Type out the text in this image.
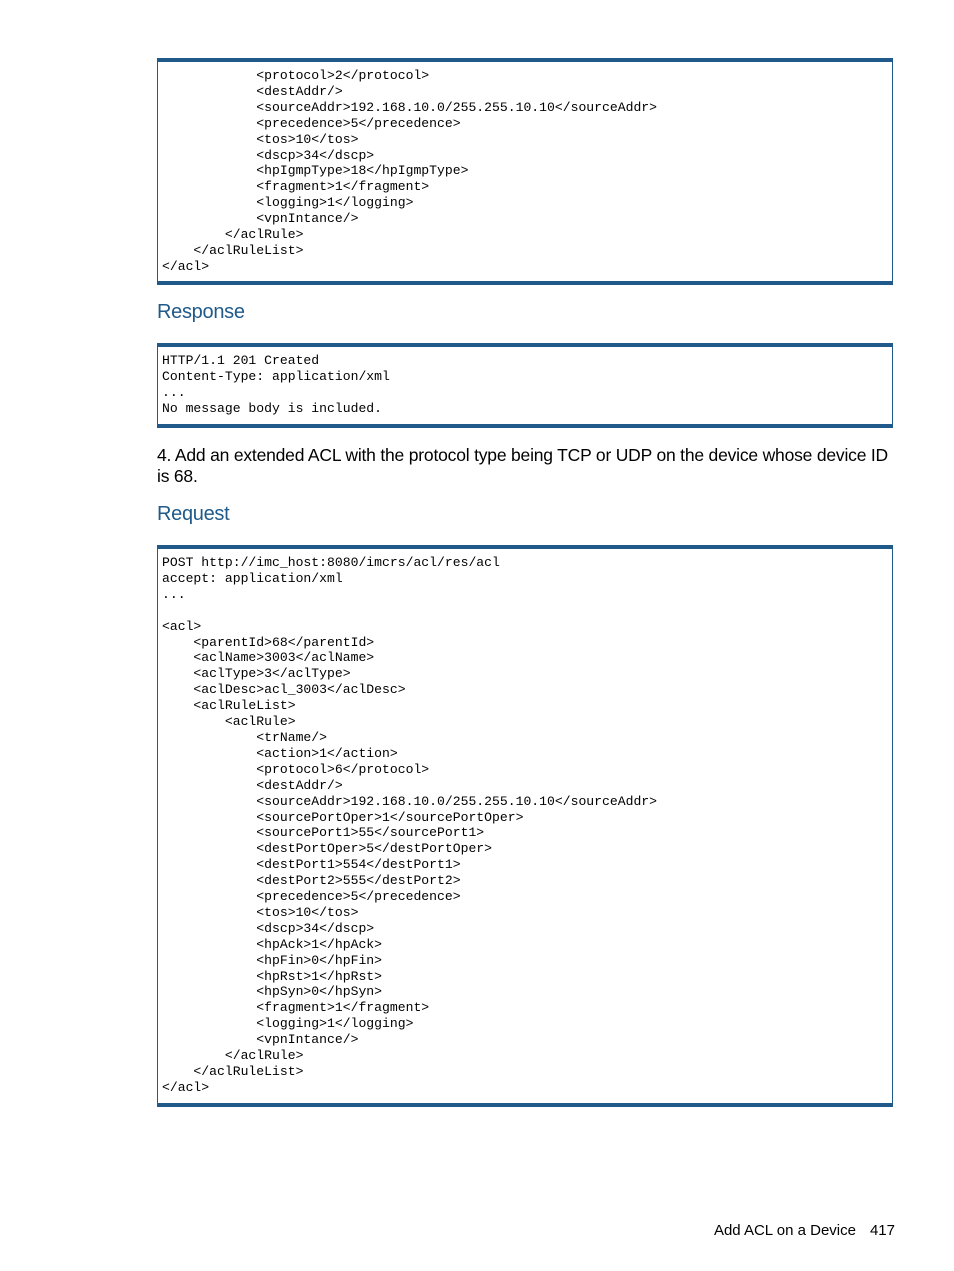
<protocol>2</protocol>
<destAddr/>
<sourceAddr>192.168.10.0/255.255.10.10</sourceAddr>
<precedence>5</precedence>
<tos>10</tos>
<dscp>34</dscp>
<hpIgmpType>18</hpIgmpType>
<fragment>1</fragment>
<logging>1</logging>
<vpnIntance/>
</aclRule>
</aclRuleList>
</acl>
Response
HTTP/1.1 201 Created
Content-Type: application/xml
...
No message body is included.

4. Add an extended ACL with the protocol type being TCP or UDP on the device whose device ID is 68.

Request
POST http://imc_host:8080/imcrs/acl/res/acl
accept: application/xml
...

<acl>
<parentId>68</parentId>
<aclName>3003</aclName>
<aclType>3</aclType>
<aclDesc>acl_3003</aclDesc>
<aclRuleList>
<aclRule>
<trName/>
<action>1</action>
<protocol>6</protocol>
<destAddr/>
<sourceAddr>192.168.10.0/255.255.10.10</sourceAddr>
<sourcePortOper>1</sourcePortOper>
<sourcePort1>55</sourcePort1>
<destPortOper>5</destPortOper>
<destPort1>554</destPort1>
<destPort2>555</destPort2>
<precedence>5</precedence>
<tos>10</tos>
<dscp>34</dscp>
<hpAck>1</hpAck>
<hpFin>0</hpFin>
<hpRst>1</hpRst>
<hpSyn>0</hpSyn>
<fragment>1</fragment>
<logging>1</logging>
<vpnIntance/>
</aclRule>
</aclRuleList>
</acl>
Add ACL on a Device 417
